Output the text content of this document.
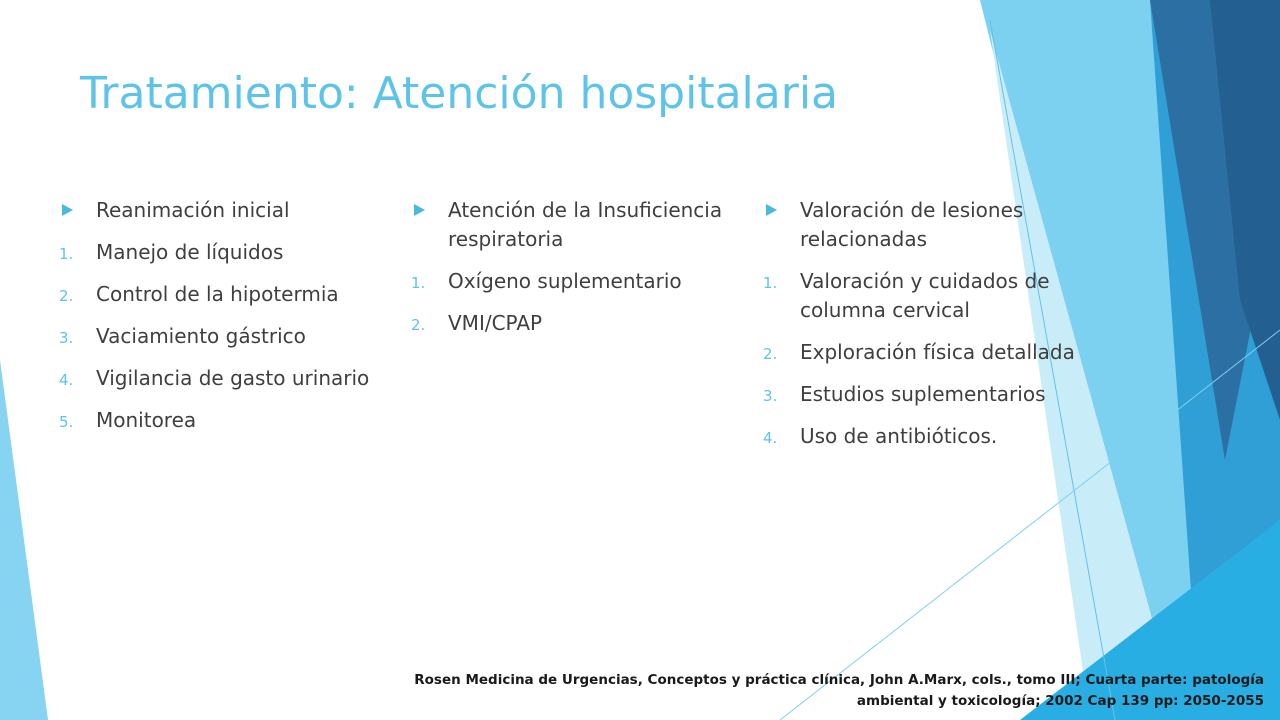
Tratamiento: Atención hospitalaria
Reanimación inicial
1. Manejo de líquidos
2. Control de la hipotermia
3. Vaciamiento gástrico
4. Vigilancia de gasto urinario
5. Monitorea
Atención de la Insuficiencia respiratoria
1. Oxígeno suplementario
2. VMI/CPAP
Valoración de lesiones relacionadas
1. Valoración y cuidados de columna cervical
2. Exploración física detallada
3. Estudios suplementarios
4. Uso de antibióticos.
Rosen Medicina de Urgencias, Conceptos y práctica clínica, John A.Marx, cols., tomo III; Cuarta parte: patología ambiental y toxicología; 2002 Cap 139 pp: 2050-2055
